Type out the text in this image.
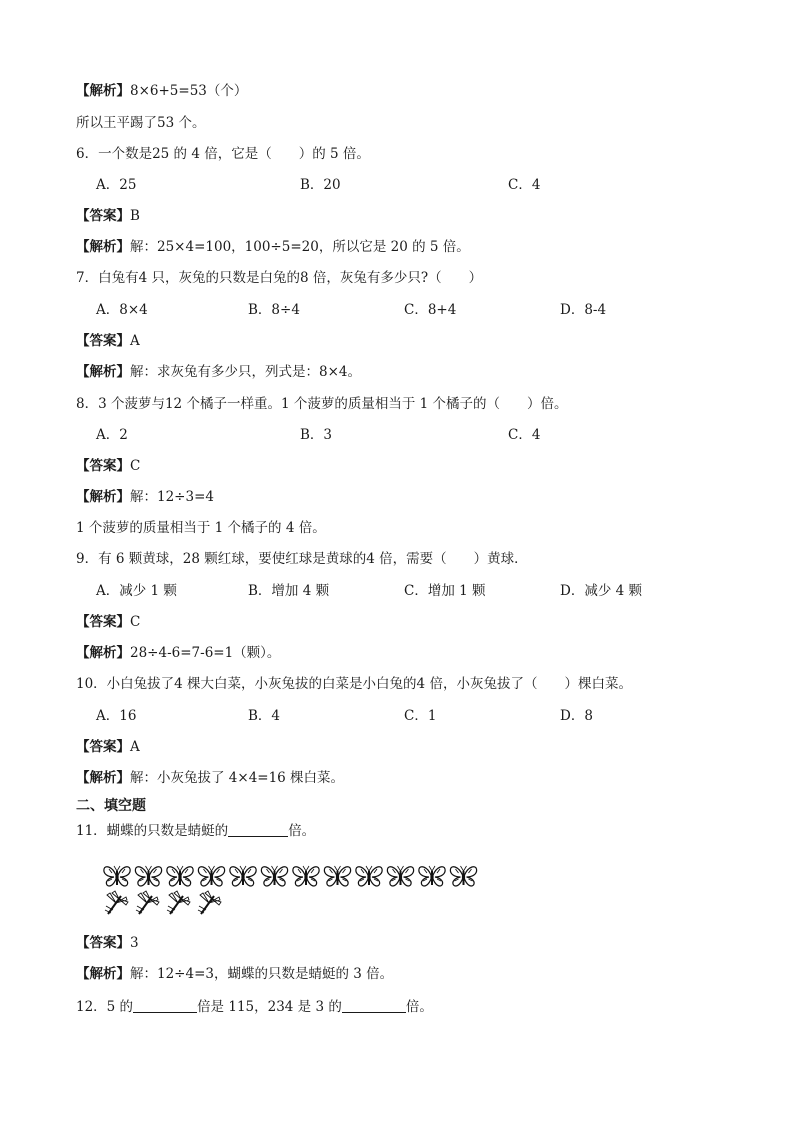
【解析】8×6+5=53（个）
所以王平踢了53 个。
6．一个数是25 的 4 倍，它是（　　）的 5 倍。
A．25	B．20	C．4
【答案】B
【解析】解：25×4=100，100÷5=20，所以它是 20 的 5 倍。
7．白兔有4 只，灰兔的只数是白兔的8 倍，灰兔有多少只?（　　）
A．8×4	B．8÷4	C．8+4	D．8-4
【答案】A
【解析】解：求灰兔有多少只，列式是：8×4。
8．3 个菠萝与12 个橘子一样重。1 个菠萝的质量相当于 1 个橘子的（　　）倍。
A．2	B．3	C．4
【答案】C
【解析】解：12÷3=4
1 个菠萝的质量相当于 1 个橘子的 4 倍。
9．有 6 颗黄球，28 颗红球，要使红球是黄球的4 倍，需要（　　）黄球．
A．减少 1 颗	B．增加 4 颗	C．增加 1 颗	D．减少 4 颗
【答案】C
【解析】28÷4-6=7-6=1（颗）。
10．小白兔拔了4 棵大白菜，小灰兔拔的白菜是小白兔的4 倍，小灰兔拔了（　　）棵白菜。
A．16	B．4	C．1	D．8
【答案】A
【解析】解：小灰兔拔了 4×4=16 棵白菜。
二、填空题
11．蝴蝶的只数是蜻蜓的	倍。
【答案】3
【解析】解：12÷4=3，蝴蝶的只数是蜻蜓的 3 倍。
12．5 的	倍是 115，234 是 3 的	倍。
